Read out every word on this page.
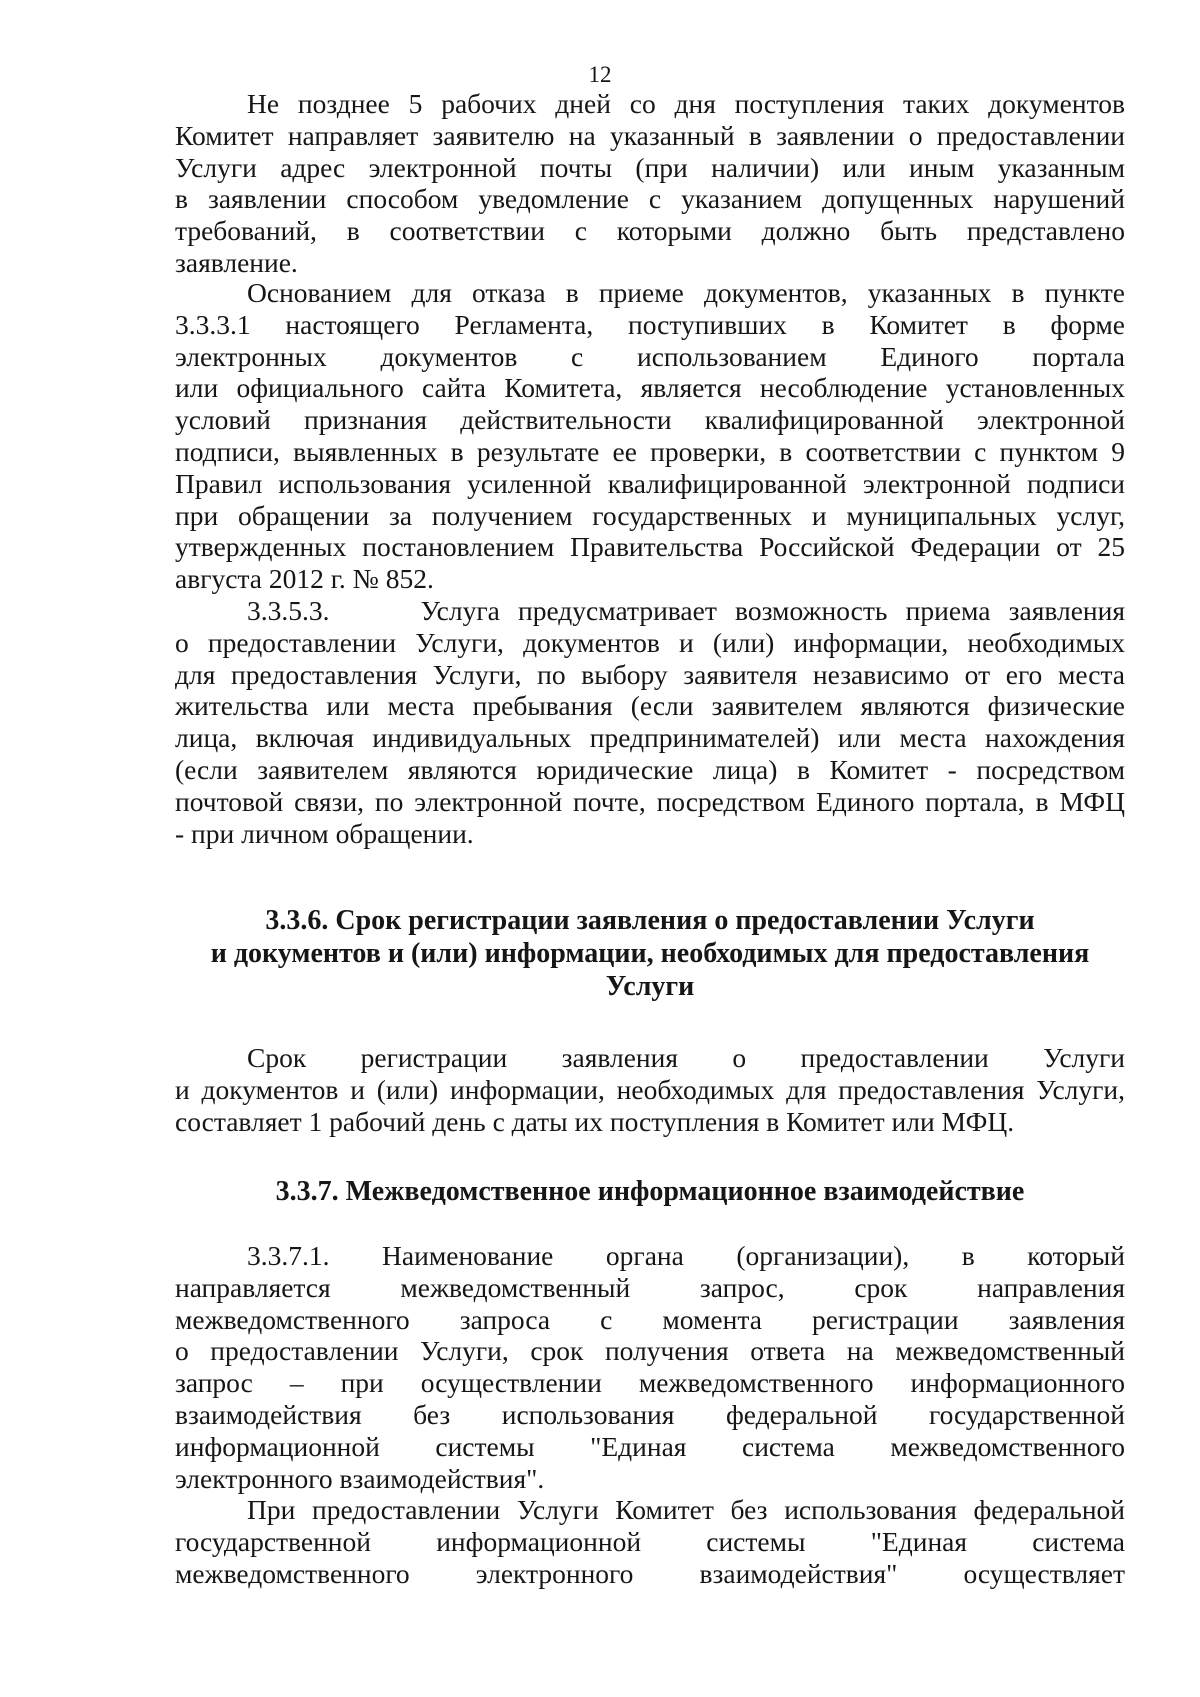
12
Не позднее 5 рабочих дней со дня поступления таких документов
Комитет направляет заявителю на указанный в заявлении о предоставлении
Услуги адрес электронной почты (при наличии) или иным указанным
в заявлении способом уведомление с указанием допущенных нарушений
требований, в соответствии с которыми должно быть представлено
заявление.
Основанием для отказа в приеме документов, указанных в пункте
3.3.3.1 настоящего Регламента, поступивших в Комитет в форме
электронных документов с использованием Единого портала
или официального сайта Комитета, является несоблюдение установленных
условий признания действительности квалифицированной электронной
подписи, выявленных в результате ее проверки, в соответствии с пунктом 9
Правил использования усиленной квалифицированной электронной подписи
при обращении за получением государственных и муниципальных услуг,
утвержденных постановлением Правительства Российской Федерации от 25
августа 2012 г. № 852.
3.3.5.3.     Услуга предусматривает возможность приема заявления
о предоставлении Услуги, документов и (или) информации, необходимых
для предоставления Услуги, по выбору заявителя независимо от его места
жительства или места пребывания (если заявителем являются физические
лица, включая индивидуальных предпринимателей) или места нахождения
(если заявителем являются юридические лица) в Комитет - посредством
почтовой связи, по электронной почте, посредством Единого портала, в МФЦ
- при личном обращении.
3.3.6. Срок регистрации заявления о предоставлении Услуги
и документов и (или) информации, необходимых для предоставления
Услуги
Срок регистрации заявления о предоставлении Услуги
и документов и (или) информации, необходимых для предоставления Услуги,
составляет 1 рабочий день с даты их поступления в Комитет или МФЦ.
3.3.7. Межведомственное информационное взаимодействие
3.3.7.1. Наименование органа (организации), в который
направляется межведомственный запрос, срок направления
межведомственного запроса с момента регистрации заявления
о предоставлении Услуги, срок получения ответа на межведомственный
запрос – при осуществлении межведомственного информационного
взаимодействия без использования федеральной государственной
информационной системы "Единая система межведомственного
электронного взаимодействия".
При предоставлении Услуги Комитет без использования федеральной
государственной информационной системы "Единая система
межведомственного электронного взаимодействия" осуществляет
